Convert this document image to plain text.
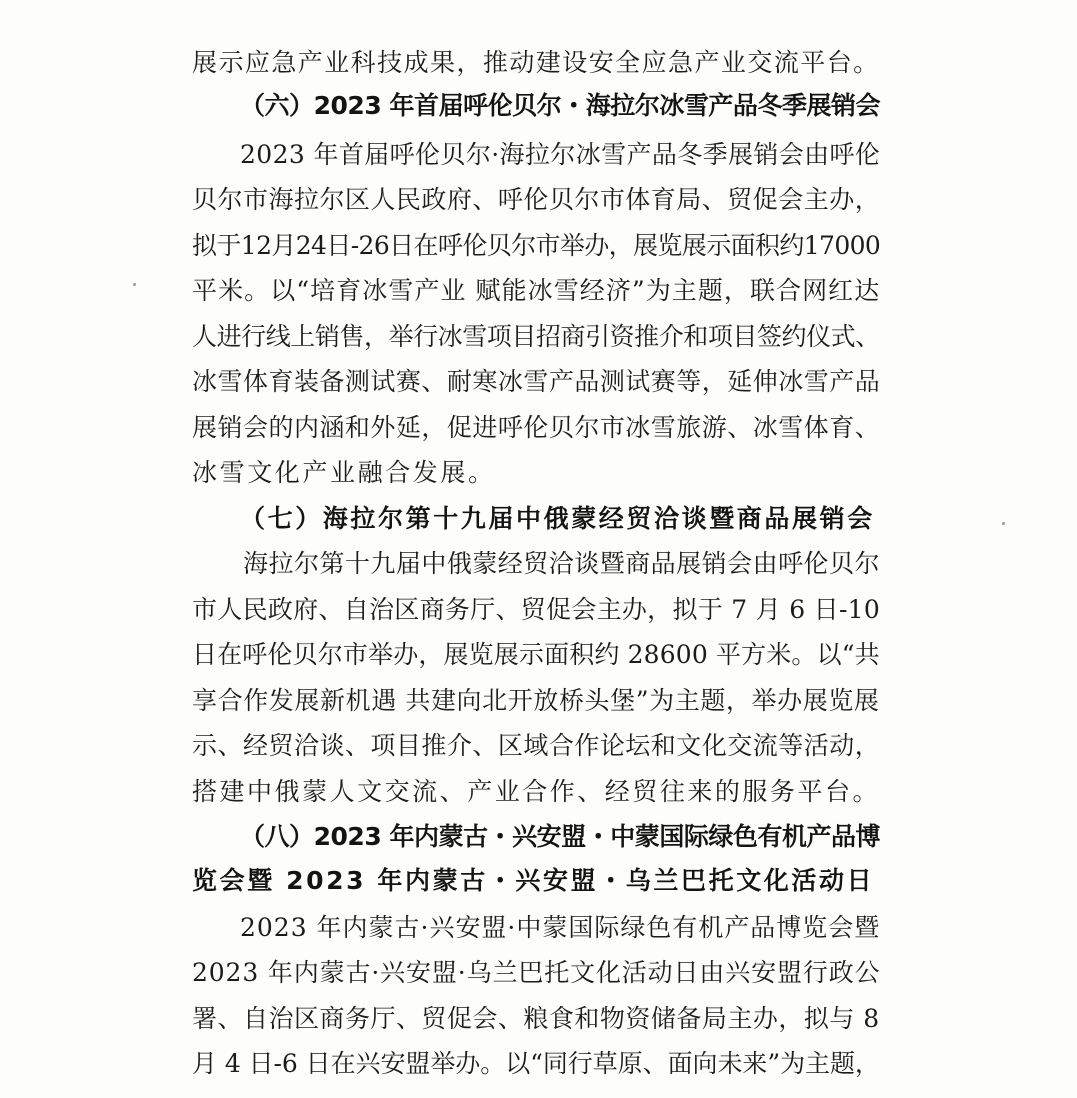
展示应急产业科技成果，推动建设安全应急产业交流平台。
（六）2023 年首届呼伦贝尔・海拉尔冰雪产品冬季展销会
2023 年首届呼伦贝尔·海拉尔冰雪产品冬季展销会由呼伦
贝尔市海拉尔区人民政府、呼伦贝尔市体育局、贸促会主办，
拟于12月24日-26日在呼伦贝尔市举办，展览展示面积约17000
平米。以“培育冰雪产业 赋能冰雪经济”为主题，联合网红达
人进行线上销售，举行冰雪项目招商引资推介和项目签约仪式、
冰雪体育装备测试赛、耐寒冰雪产品测试赛等，延伸冰雪产品
展销会的内涵和外延，促进呼伦贝尔市冰雪旅游、冰雪体育、
冰雪文化产业融合发展。
（七）海拉尔第十九届中俄蒙经贸洽谈暨商品展销会
海拉尔第十九届中俄蒙经贸洽谈暨商品展销会由呼伦贝尔
市人民政府、自治区商务厅、贸促会主办，拟于 7 月 6 日-10
日在呼伦贝尔市举办，展览展示面积约 28600 平方米。以“共
享合作发展新机遇 共建向北开放桥头堡”为主题，举办展览展
示、经贸洽谈、项目推介、区域合作论坛和文化交流等活动，
搭建中俄蒙人文交流、产业合作、经贸往来的服务平台。
（八）2023 年内蒙古・兴安盟・中蒙国际绿色有机产品博
览会暨 2023 年内蒙古・兴安盟・乌兰巴托文化活动日
2023 年内蒙古·兴安盟·中蒙国际绿色有机产品博览会暨
2023 年内蒙古·兴安盟·乌兰巴托文化活动日由兴安盟行政公
署、自治区商务厅、贸促会、粮食和物资储备局主办，拟与 8
月 4 日-6 日在兴安盟举办。以“同行草原、面向未来”为主题，
